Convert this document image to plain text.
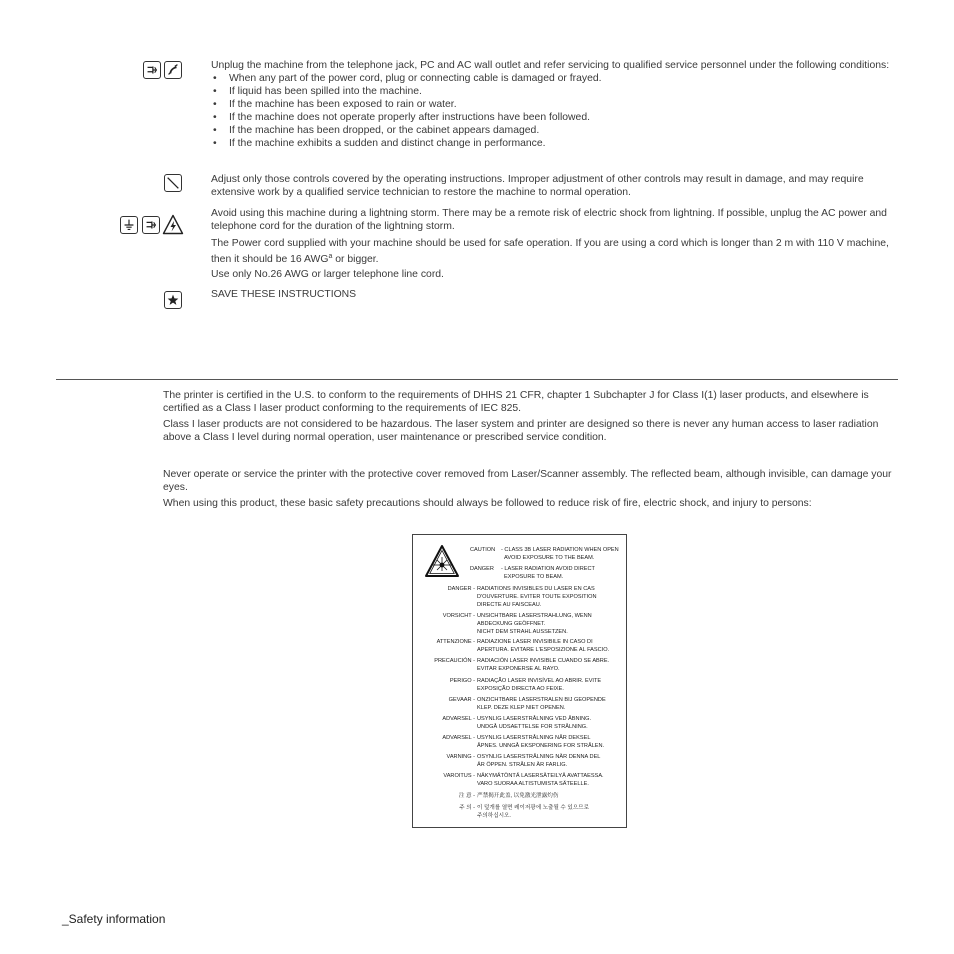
Unplug the machine from the telephone jack, PC and AC wall outlet and refer servicing to qualified service personnel under the following conditions:

• When any part of the power cord, plug or connecting cable is damaged or frayed.
• If liquid has been spilled into the machine.
• If the machine has been exposed to rain or water.
• If the machine does not operate properly after instructions have been followed.
• If the machine has been dropped, or the cabinet appears damaged.
• If the machine exhibits a sudden and distinct change in performance.

Adjust only those controls covered by the operating instructions. Improper adjustment of other controls may result in damage, and may require extensive work by a qualified service technician to restore the machine to normal operation.

Avoid using this machine during a lightning storm. There may be a remote risk of electric shock from lightning. If possible, unplug the AC power and telephone cord for the duration of the lightning storm.

The Power cord supplied with your machine should be used for safe operation. If you are using a cord which is longer than 2 m with 110 V machine, then it should be 16 AWG$^a$ or bigger.

Use only No.26 AWG or larger telephone line cord.

SAVE THESE INSTRUCTIONS

The printer is certified in the U.S. to conform to the requirements of DHHS 21 CFR, chapter 1 Subchapter J for Class I(1) laser products, and elsewhere is certified as a Class I laser product conforming to the requirements of IEC 825.

Class I laser products are not considered to be hazardous. The laser system and printer are designed so there is never any human access to laser radiation above a Class I level during normal operation, user maintenance or prescribed service condition.

Never operate or service the printer with the protective cover removed from Laser/Scanner assembly. The reflected beam, although invisible, can damage your eyes.

When using this product, these basic safety precautions should always be followed to reduce risk of fire, electric shock, and injury to persons:

CAUTION - CLASS 3B LASER RADIATION WHEN OPEN
AVOID EXPOSURE TO THE BEAM.
DANGER - LASER RADIATION AVOID DIRECT
EXPOSURE TO BEAM.
DANGER - RADIATIONS INVISIBLES DU LASER EN CAS
D'OUVERTURE. EVITER TOUTE EXPOSITION
DIRECTE AU FAISCEAU.
VORSICHT - UNSICHTBARE LASERSTRAHLUNG, WENN
ABDECKUNG GEÖFFNET.
NICHT DEM STRAHL AUSSETZEN.
ATTENZIONE - RADIAZIONE LASER INVISIBILE IN CASO DI
APERTURA. EVITARE L'ESPOSIZIONE AL FASCIO.
PRECAUCIÓN - RADIACIÓN LASER INVISIBLE CUANDO SE ABRE.
EVITAR EXPONERSE AL RAYO.
PERIGO - RADIAÇÃO LASER INVISÍVEL AO ABRIR. EVITE
EXPOSIÇÃO DIRECTA AO FEIXE.
GEVAAR - ONZICHTBARE LASERSTRALEN BIJ GEOPENDE
KLEP. DEZE KLEP NIET OPENEN.
ADVARSEL - USYNLIG LASERSTRÅLNING VED ÅBNING.
UNDGÅ UDSAETTELSE FOR STRÅLNING.
ADVARSEL - USYNLIG LASERSTRÅLNING NÅR DEKSEL
ÅPNES. UNNGÅ EKSPONERING FOR STRÅLEN.
VARNING - OSYNLIG LASERSTRÅLNING NÄR DENNA DEL
ÄR ÖPPEN. STRÅLEN ÄR FARLIG.
VAROITUS - NÄKYMÄTÖNTÄ LASERSÄTEILYÄ AVATTAESSA.
VARO SUORAA ALTISTUMISTA SÄTEELLE.
注 意 - 严禁揭开此盖, 以免激光泄露灼伤
주 의 - 이 덮개를 열면 레이저광에 노출될 수 있으므로
주의하십시오.
_Safety information
